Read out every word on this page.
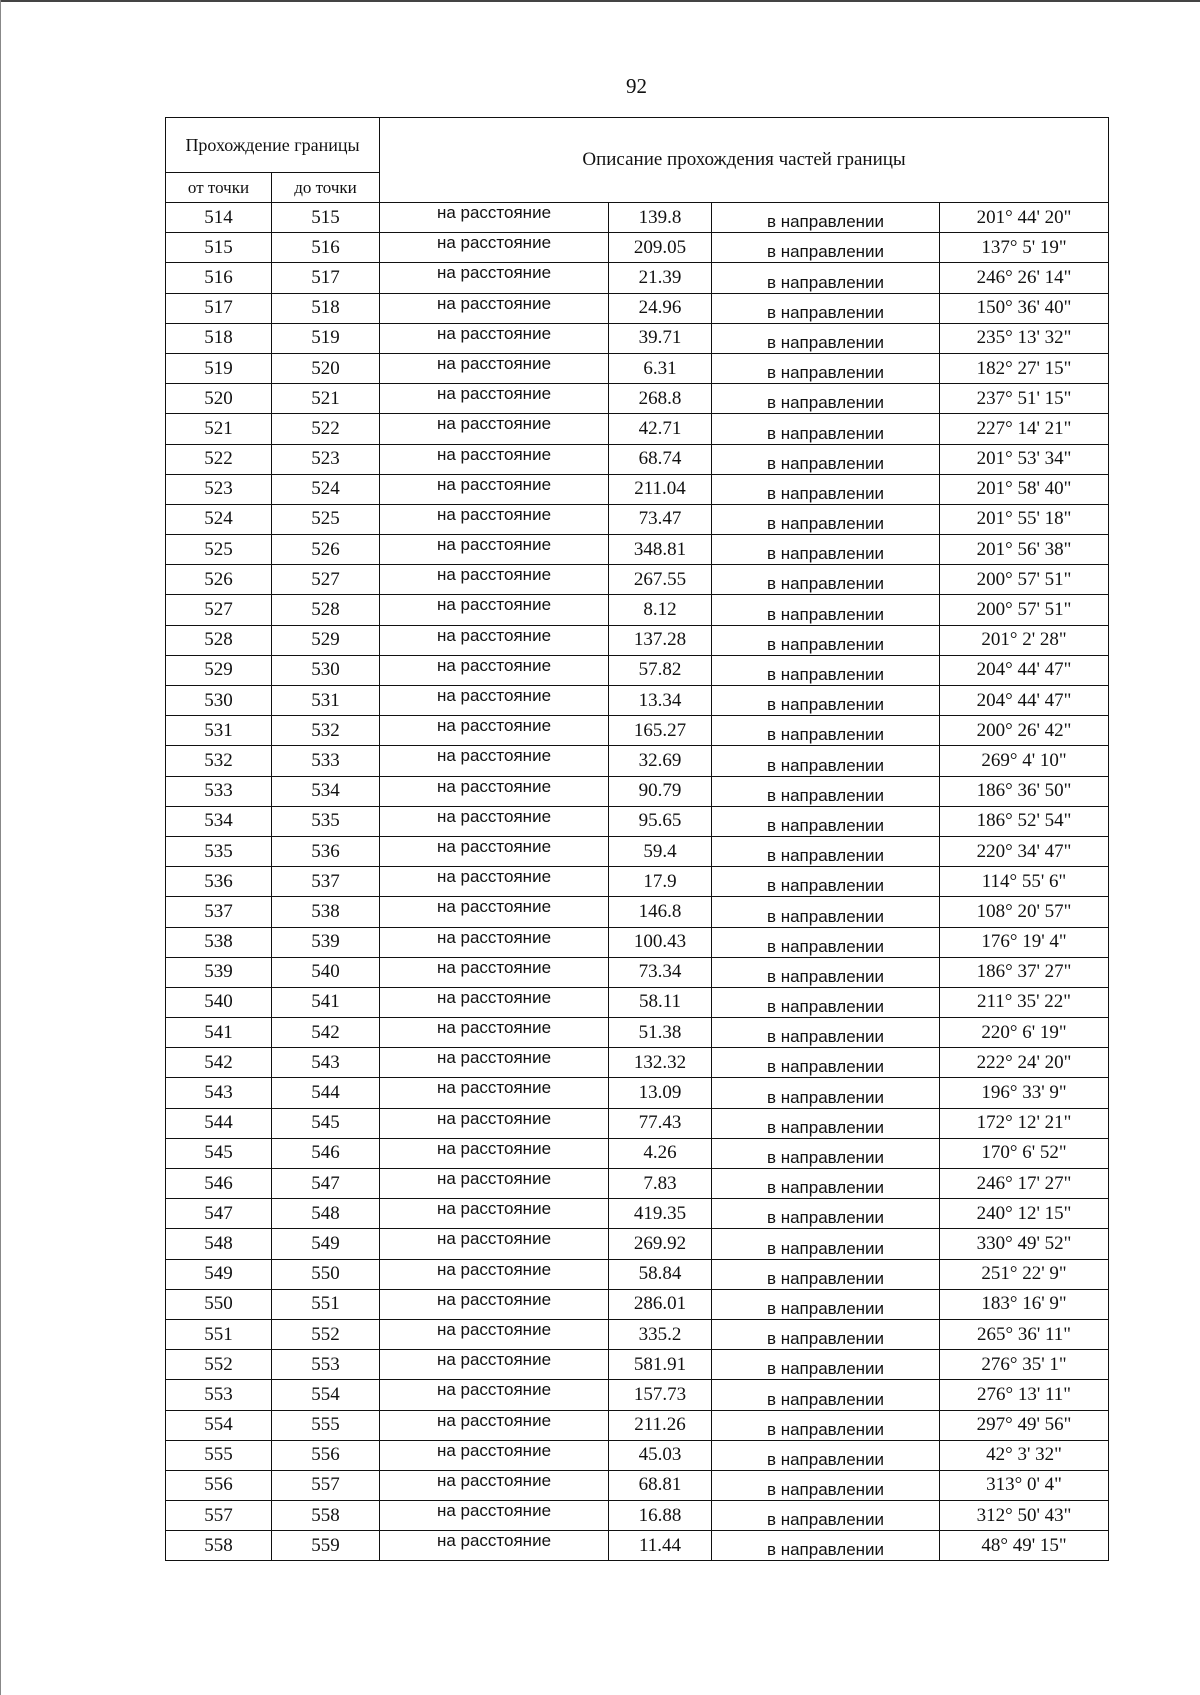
92
Прохождение границы		Описание прохождения частей границы			
от точки	до точки				
514	515	на расстояние	139.8	в направлении	201° 44' 20"
515	516	на расстояние	209.05	в направлении	137° 5' 19"
516	517	на расстояние	21.39	в направлении	246° 26' 14"
517	518	на расстояние	24.96	в направлении	150° 36' 40"
518	519	на расстояние	39.71	в направлении	235° 13' 32"
519	520	на расстояние	6.31	в направлении	182° 27' 15"
520	521	на расстояние	268.8	в направлении	237° 51' 15"
521	522	на расстояние	42.71	в направлении	227° 14' 21"
522	523	на расстояние	68.74	в направлении	201° 53' 34"
523	524	на расстояние	211.04	в направлении	201° 58' 40"
524	525	на расстояние	73.47	в направлении	201° 55' 18"
525	526	на расстояние	348.81	в направлении	201° 56' 38"
526	527	на расстояние	267.55	в направлении	200° 57' 51"
527	528	на расстояние	8.12	в направлении	200° 57' 51"
528	529	на расстояние	137.28	в направлении	201° 2' 28"
529	530	на расстояние	57.82	в направлении	204° 44' 47"
530	531	на расстояние	13.34	в направлении	204° 44' 47"
531	532	на расстояние	165.27	в направлении	200° 26' 42"
532	533	на расстояние	32.69	в направлении	269° 4' 10"
533	534	на расстояние	90.79	в направлении	186° 36' 50"
534	535	на расстояние	95.65	в направлении	186° 52' 54"
535	536	на расстояние	59.4	в направлении	220° 34' 47"
536	537	на расстояние	17.9	в направлении	114° 55' 6"
537	538	на расстояние	146.8	в направлении	108° 20' 57"
538	539	на расстояние	100.43	в направлении	176° 19' 4"
539	540	на расстояние	73.34	в направлении	186° 37' 27"
540	541	на расстояние	58.11	в направлении	211° 35' 22"
541	542	на расстояние	51.38	в направлении	220° 6' 19"
542	543	на расстояние	132.32	в направлении	222° 24' 20"
543	544	на расстояние	13.09	в направлении	196° 33' 9"
544	545	на расстояние	77.43	в направлении	172° 12' 21"
545	546	на расстояние	4.26	в направлении	170° 6' 52"
546	547	на расстояние	7.83	в направлении	246° 17' 27"
547	548	на расстояние	419.35	в направлении	240° 12' 15"
548	549	на расстояние	269.92	в направлении	330° 49' 52"
549	550	на расстояние	58.84	в направлении	251° 22' 9"
550	551	на расстояние	286.01	в направлении	183° 16' 9"
551	552	на расстояние	335.2	в направлении	265° 36' 11"
552	553	на расстояние	581.91	в направлении	276° 35' 1"
553	554	на расстояние	157.73	в направлении	276° 13' 11"
554	555	на расстояние	211.26	в направлении	297° 49' 56"
555	556	на расстояние	45.03	в направлении	42° 3' 32"
556	557	на расстояние	68.81	в направлении	313° 0' 4"
557	558	на расстояние	16.88	в направлении	312° 50' 43"
558	559	на расстояние	11.44	в направлении	48° 49' 15"
